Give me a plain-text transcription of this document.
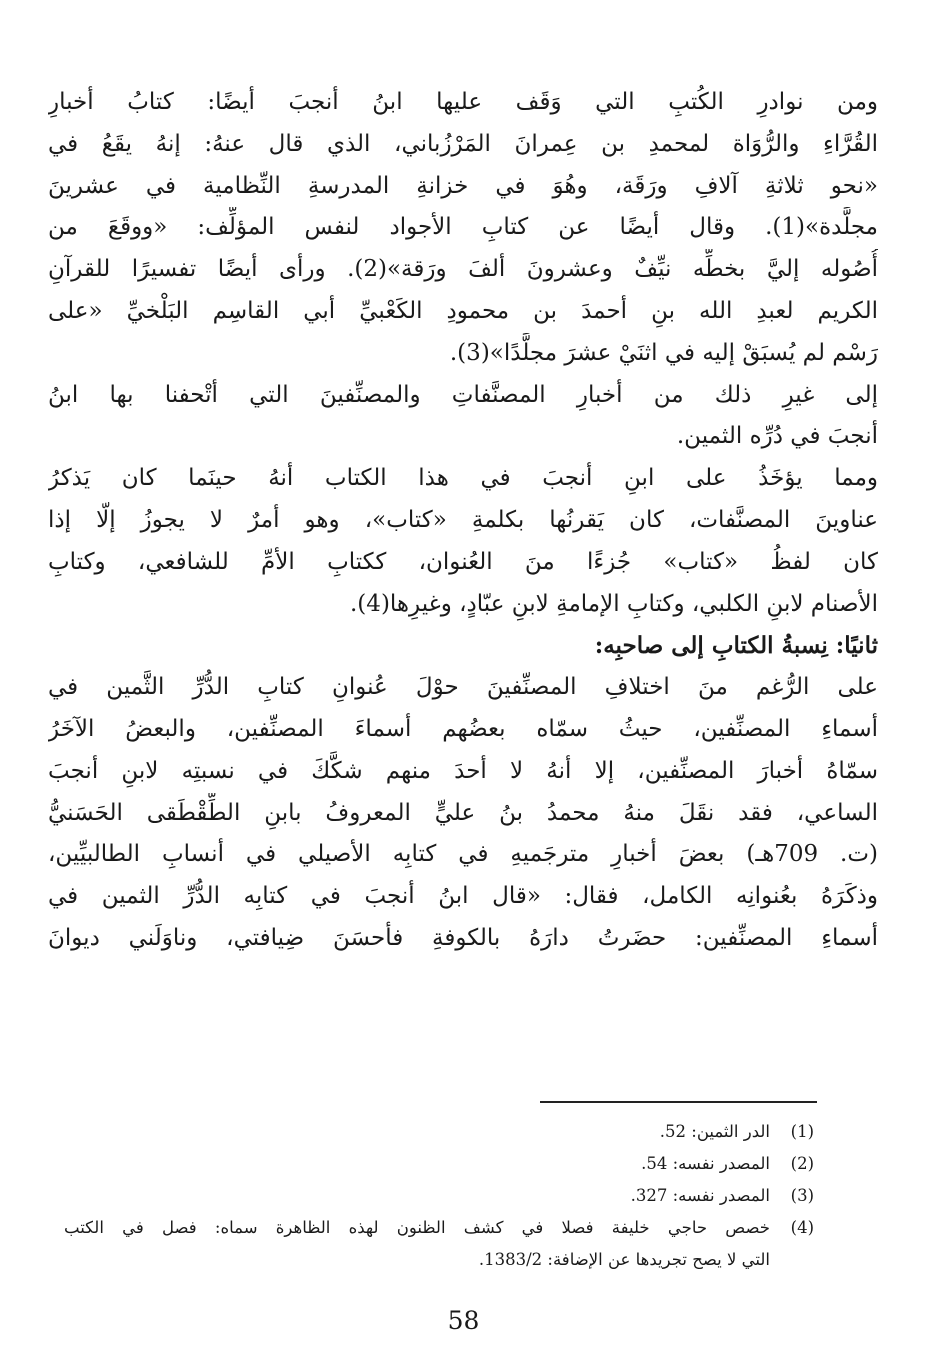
ومن نوادرِ الكُتبِ التي وَقَف عليها ابنُ أنجبَ أيضًا: كتابُ أخبارِ
القُرَّاءِ والرُّوَاة لمحمدِ بن عِمرانَ المَرْزُباني، الذي قال عنهُ: إنهُ يقَعُ في
«نحو ثلاثةِ آلافِ ورَقَة، وهُوَ في خزانةِ المدرسةِ النِّظامية في عشرينَ
مجلَّدة»(1). وقال أيضًا عن كتابِ الأجواد لنفس المؤلِّف: «ووقَعَ من
أُصُوله إليَّ بخطِّه نيِّفٌ وعشرونَ ألفَ ورَقة»(2). ورأى أيضًا تفسيرًا للقرآنِ
الكريم لعبدِ الله بنِ أحمدَ بن محمودِ الكَعْبيِّ أبي القاسِم البَلْخيِّ «على
رَسْم لم يُسبَقْ إليه في اثنَيْ عشرَ مجلَّدًا»(3).
إلى غيرِ ذلك من أخبارِ المصنَّفاتِ والمصنِّفينَ التي أتْحفنا بها ابنُ
أنجبَ في دُرِّه الثمين.
ومما يؤخَذُ على ابنِ أنجبَ في هذا الكتاب أنهُ حينَما كان يَذكرُ
عناوينَ المصنَّفات، كان يَقرنُها بكلمةِ «كتاب»، وهو أمرٌ لا يجوزُ إلّا إذا
كان لفظُ «كتاب» جُزءًا منَ العُنوان، ككتابِ الأمِّ للشافعي، وكتابِ
الأصنام لابنِ الكلبي، وكتابِ الإمامةِ لابنِ عبّادٍ، وغيرِها(4).
ثانيًا: نِسبةُ الكتابِ إلى صاحبِه:
على الرُّغم منَ اختلافِ المصنِّفينَ حوْلَ عُنوانِ كتابِ الدُّرِّ الثَّمين في
أسماءِ المصنِّفين، حيثُ سمّاه بعضُهم أسماءَ المصنِّفين، والبعضُ الآخَرُ
سمّاهُ أخبارَ المصنِّفين، إلا أنهُ لا أحدَ منهم شكَّكَ في نسبتِه لابنِ أنجبَ
الساعي، فقد نقَلَ منهُ محمدُ بنُ عليٍّ المعروفُ بابنِ الطِّقْطَقى الحَسَنيُّ
(ت. 709هـ) بعضَ أخبارِ مترجَميهِ في كتابِه الأصيلي في أنسابِ الطالبيِّين،
وذكَرَهُ بعُنوانِه الكامل، فقال: «قال ابنُ أنجبَ في كتابِه الدُّرِّ الثمين في
أسماءِ المصنِّفين: حضَرتُ دارَهُ بالكوفةِ فأحسَنَ ضِيافتي، وناوَلَني ديوانَ
(1)
الدر الثمين: 52.
(2)
المصدر نفسه: 54.
(3)
المصدر نفسه: 327.
(4)
خصص حاجي خليفة فصلا في كشف الظنون لهذه الظاهرة سماه: فصل في الكتب
التي لا يصح تجريدها عن الإضافة: 1383/2.
58
